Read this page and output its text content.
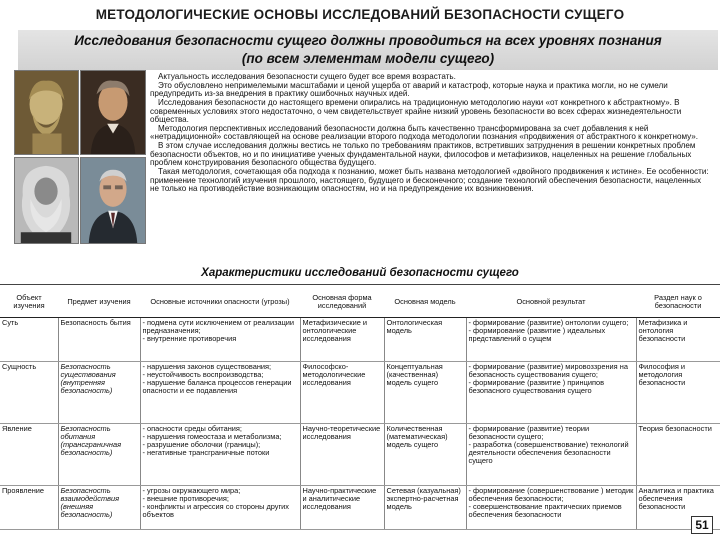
МЕТОДОЛОГИЧЕСКИЕ ОСНОВЫ ИССЛЕДОВАНИЙ БЕЗОПАСНОСТИ СУЩЕГО
Исследования безопасности сущего должны проводиться на всех уровнях познания
(по всем элементам модели сущего)

Актуальность исследования безопасности сущего будет все время возрастать.

Это обусловлено непримелемыми масштабами и ценой ущерба от аварий и катастроф, которые наука и практика могли, но не сумели предупредить из-за внедрения в практику ошибочных научных идей.

Исследования безопасности до настоящего времени опирались на традиционную методологию науки «от конкретного к абстрактному». В современных условиях этого недостаточно, о чем свидетельствует крайне низкий уровень безопасности во всех сферах жизнедеятельности общества.

Методология перспективных исследований безопасности должна быть качественно трансформирована за счет добавления к ней «нетрадиционной» составляющей на основе реализации второго подхода методологии познания «продвижения от абстрактного к конкретному».

В этом случае исследования должны вестись не только по требованиям практиков, встретивших затруднения в решении конкретных проблем безопасности объектов, но и по инициативе ученых фундаментальной науки, философов и метафизиков, нацеленных на решение глобальных проблем конструирования безопасного общества будущего.

Такая методология, сочетающая оба подхода к познанию, может быть названа методологией «двойного продвижения к истине». Ее особенности: применение технологий изучения прошлого, настоящего, будущего и бесконечного; создание технологий обеспечения безопасности, нацеленных не только на противодействие возникающим опасностям, но и на предупреждение их возникновения.

Характеристики исследований безопасности сущего
Объект изучения	Предмет изучения	Основные источники опасности (угрозы)	Основная форма исследований	Основная модель	Основной результат	Раздел наук о безопасности
Суть	Безопасность бытия	- подмена сути исключением от реализации предназначения;
- внутренние противоречия	Метафизические и онтологические исследования	Онтологическая модель	- формирование (развитие) онтологии сущего;
- формирование (развитие ) идеальных представлений о сущем	Метафизика и онтология безопасности
Сущность	Безопасность существования (внутренняя безопасность)	- нарушения законов существования;
- неустойчивость воспроизводства;
- нарушение баланса процессов генерации опасности и ее подавления	Философско-методологические исследования	Концептуальная (качественная) модель сущего	- формирование (развитие) мировоззрения на безопасность существования сущего;
- формирование (развитие ) принципов безопасного существования сущего	Философия и методология безопасности
Явление	Безопасность обитания (трансграничная безопасность)	- опасности среды обитания;
- нарушения гомеостаза и метаболизма;
- разрушение оболочки (границы);
- негативные трансграничные потоки	Научно-теоретические исследования	Количественная (математическая) модель сущего	- формирование (развитие) теории безопасности сущего;
- разработка (совершенствование) технологий деятельности обеспечения безопасности сущего	Теория безопасности
Проявление	Безопасность взаимодействия (внешняя безопасность)	- угрозы окружающего мира;
- внешние противоречия;
- конфликты и агрессия со стороны других объектов	Научно-практические и аналитические исследования	Сетевая (казуальная) экспертно-расчетная модель	- формирование (совершенствование ) методик обеспечения безопасности;
- совершенствование практических приемов обеспечения безопасности	Аналитика и практика обеспечения безопасности
51
